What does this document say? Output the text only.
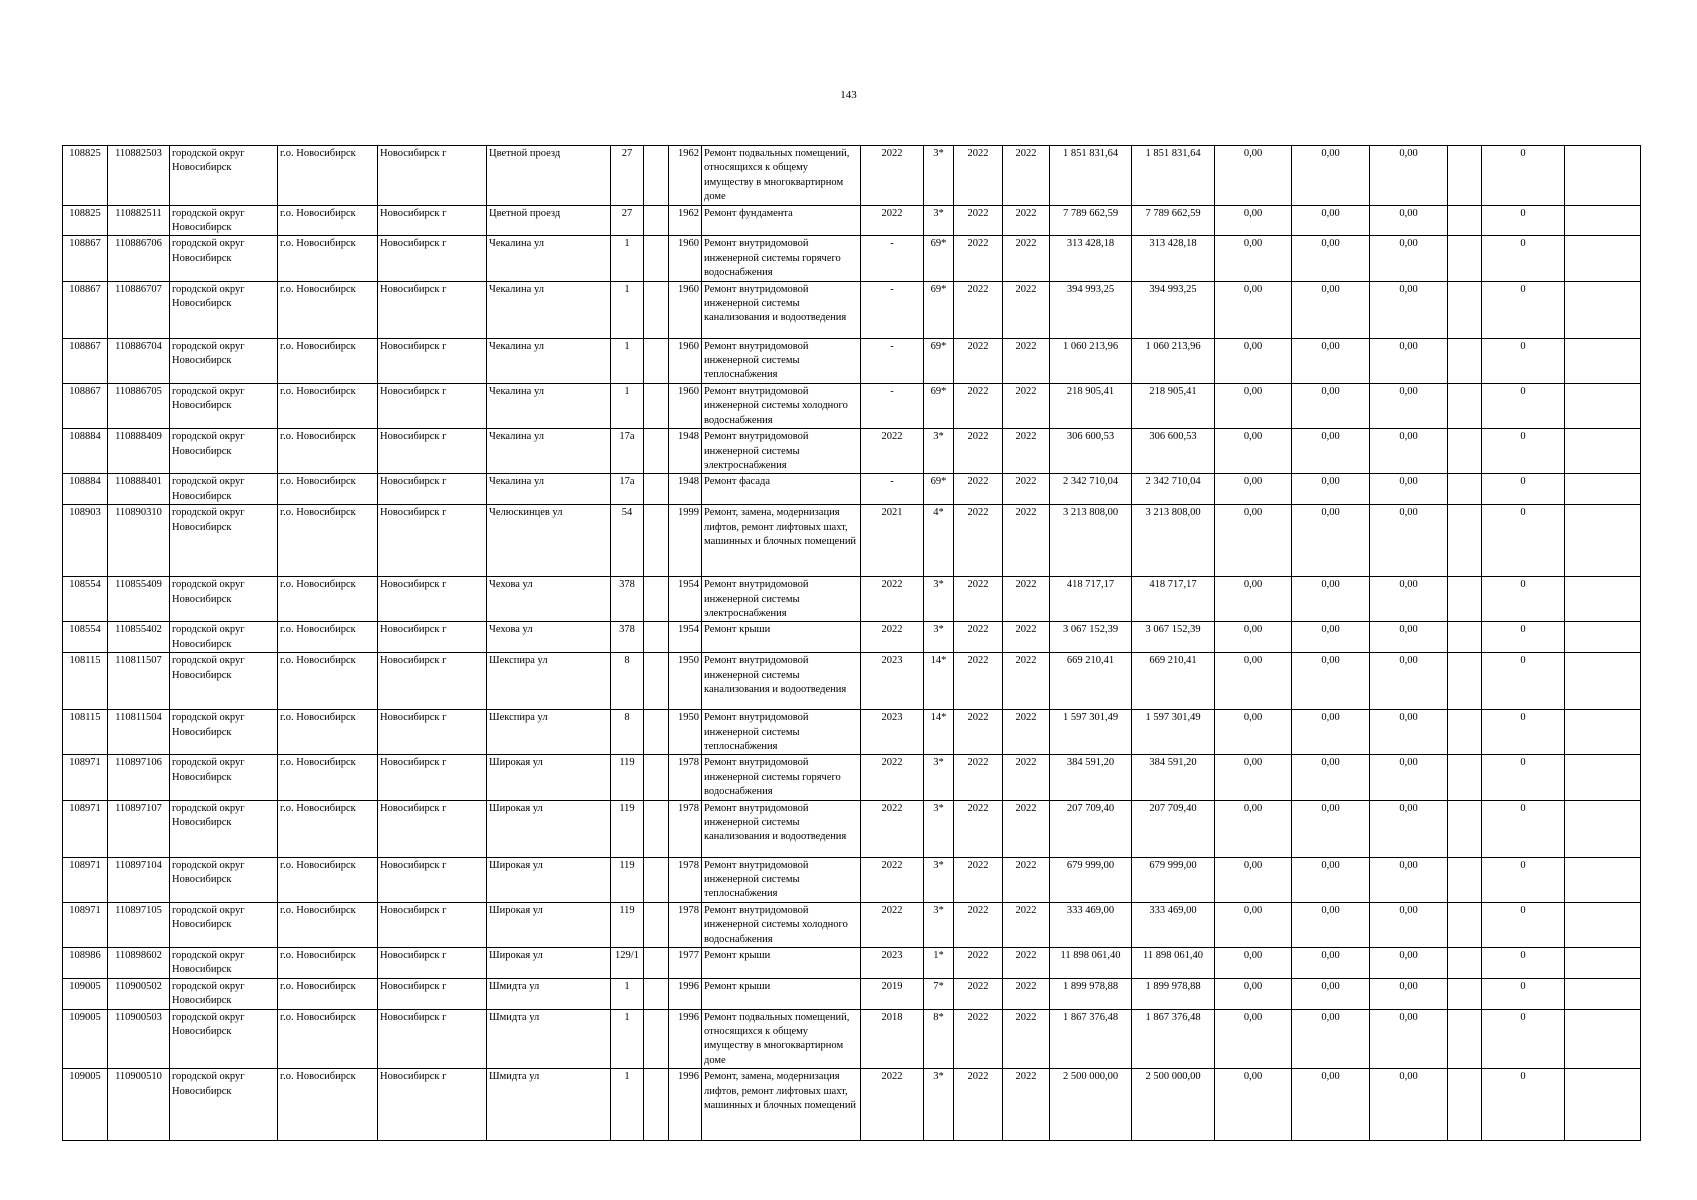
143
108825	110882503	городской округ Новосибирск	г.о. Новосибирск	Новосибирск г	Цветной проезд	27		1962	Ремонт подвальных помещений, относящихся к общему имуществу в многоквартирном доме	2022	3*	2022	2022	1 851 831,64	1 851 831,64	0,00	0,00	0,00		0	
108825	110882511	городской округ Новосибирск	г.о. Новосибирск	Новосибирск г	Цветной проезд	27		1962	Ремонт фундамента	2022	3*	2022	2022	7 789 662,59	7 789 662,59	0,00	0,00	0,00		0	
108867	110886706	городской округ Новосибирск	г.о. Новосибирск	Новосибирск г	Чекалина ул	1		1960	Ремонт внутридомовой инженерной системы горячего водоснабжения	-	69*	2022	2022	313 428,18	313 428,18	0,00	0,00	0,00		0	
108867	110886707	городской округ Новосибирск	г.о. Новосибирск	Новосибирск г	Чекалина ул	1		1960	Ремонт внутридомовой инженерной системы канализования и водоотведения	-	69*	2022	2022	394 993,25	394 993,25	0,00	0,00	0,00		0	
108867	110886704	городской округ Новосибирск	г.о. Новосибирск	Новосибирск г	Чекалина ул	1		1960	Ремонт внутридомовой инженерной системы теплоснабжения	-	69*	2022	2022	1 060 213,96	1 060 213,96	0,00	0,00	0,00		0	
108867	110886705	городской округ Новосибирск	г.о. Новосибирск	Новосибирск г	Чекалина ул	1		1960	Ремонт внутридомовой инженерной системы холодного водоснабжения	-	69*	2022	2022	218 905,41	218 905,41	0,00	0,00	0,00		0	
108884	110888409	городской округ Новосибирск	г.о. Новосибирск	Новосибирск г	Чекалина ул	17а		1948	Ремонт внутридомовой инженерной системы электроснабжения	2022	3*	2022	2022	306 600,53	306 600,53	0,00	0,00	0,00		0	
108884	110888401	городской округ Новосибирск	г.о. Новосибирск	Новосибирск г	Чекалина ул	17а		1948	Ремонт фасада	-	69*	2022	2022	2 342 710,04	2 342 710,04	0,00	0,00	0,00		0	
108903	110890310	городской округ Новосибирск	г.о. Новосибирск	Новосибирск г	Челюскинцев ул	54		1999	Ремонт, замена, модернизация лифтов, ремонт лифтовых шахт, машинных и блочных помещений	2021	4*	2022	2022	3 213 808,00	3 213 808,00	0,00	0,00	0,00		0	
108554	110855409	городской округ Новосибирск	г.о. Новосибирск	Новосибирск г	Чехова ул	378		1954	Ремонт внутридомовой инженерной системы электроснабжения	2022	3*	2022	2022	418 717,17	418 717,17	0,00	0,00	0,00		0	
108554	110855402	городской округ Новосибирск	г.о. Новосибирск	Новосибирск г	Чехова ул	378		1954	Ремонт крыши	2022	3*	2022	2022	3 067 152,39	3 067 152,39	0,00	0,00	0,00		0	
108115	110811507	городской округ Новосибирск	г.о. Новосибирск	Новосибирск г	Шекспира ул	8		1950	Ремонт внутридомовой инженерной системы канализования и водоотведения	2023	14*	2022	2022	669 210,41	669 210,41	0,00	0,00	0,00		0	
108115	110811504	городской округ Новосибирск	г.о. Новосибирск	Новосибирск г	Шекспира ул	8		1950	Ремонт внутридомовой инженерной системы теплоснабжения	2023	14*	2022	2022	1 597 301,49	1 597 301,49	0,00	0,00	0,00		0	
108971	110897106	городской округ Новосибирск	г.о. Новосибирск	Новосибирск г	Широкая ул	119		1978	Ремонт внутридомовой инженерной системы горячего водоснабжения	2022	3*	2022	2022	384 591,20	384 591,20	0,00	0,00	0,00		0	
108971	110897107	городской округ Новосибирск	г.о. Новосибирск	Новосибирск г	Широкая ул	119		1978	Ремонт внутридомовой инженерной системы канализования и водоотведения	2022	3*	2022	2022	207 709,40	207 709,40	0,00	0,00	0,00		0	
108971	110897104	городской округ Новосибирск	г.о. Новосибирск	Новосибирск г	Широкая ул	119		1978	Ремонт внутридомовой инженерной системы теплоснабжения	2022	3*	2022	2022	679 999,00	679 999,00	0,00	0,00	0,00		0	
108971	110897105	городской округ Новосибирск	г.о. Новосибирск	Новосибирск г	Широкая ул	119		1978	Ремонт внутридомовой инженерной системы холодного водоснабжения	2022	3*	2022	2022	333 469,00	333 469,00	0,00	0,00	0,00		0	
108986	110898602	городской округ Новосибирск	г.о. Новосибирск	Новосибирск г	Широкая ул	129/1		1977	Ремонт крыши	2023	1*	2022	2022	11 898 061,40	11 898 061,40	0,00	0,00	0,00		0	
109005	110900502	городской округ Новосибирск	г.о. Новосибирск	Новосибирск г	Шмидта ул	1		1996	Ремонт крыши	2019	7*	2022	2022	1 899 978,88	1 899 978,88	0,00	0,00	0,00		0	
109005	110900503	городской округ Новосибирск	г.о. Новосибирск	Новосибирск г	Шмидта ул	1		1996	Ремонт подвальных помещений, относящихся к общему имуществу в многоквартирном доме	2018	8*	2022	2022	1 867 376,48	1 867 376,48	0,00	0,00	0,00		0	
109005	110900510	городской округ Новосибирск	г.о. Новосибирск	Новосибирск г	Шмидта ул	1		1996	Ремонт, замена, модернизация лифтов, ремонт лифтовых шахт, машинных и блочных помещений	2022	3*	2022	2022	2 500 000,00	2 500 000,00	0,00	0,00	0,00		0	
